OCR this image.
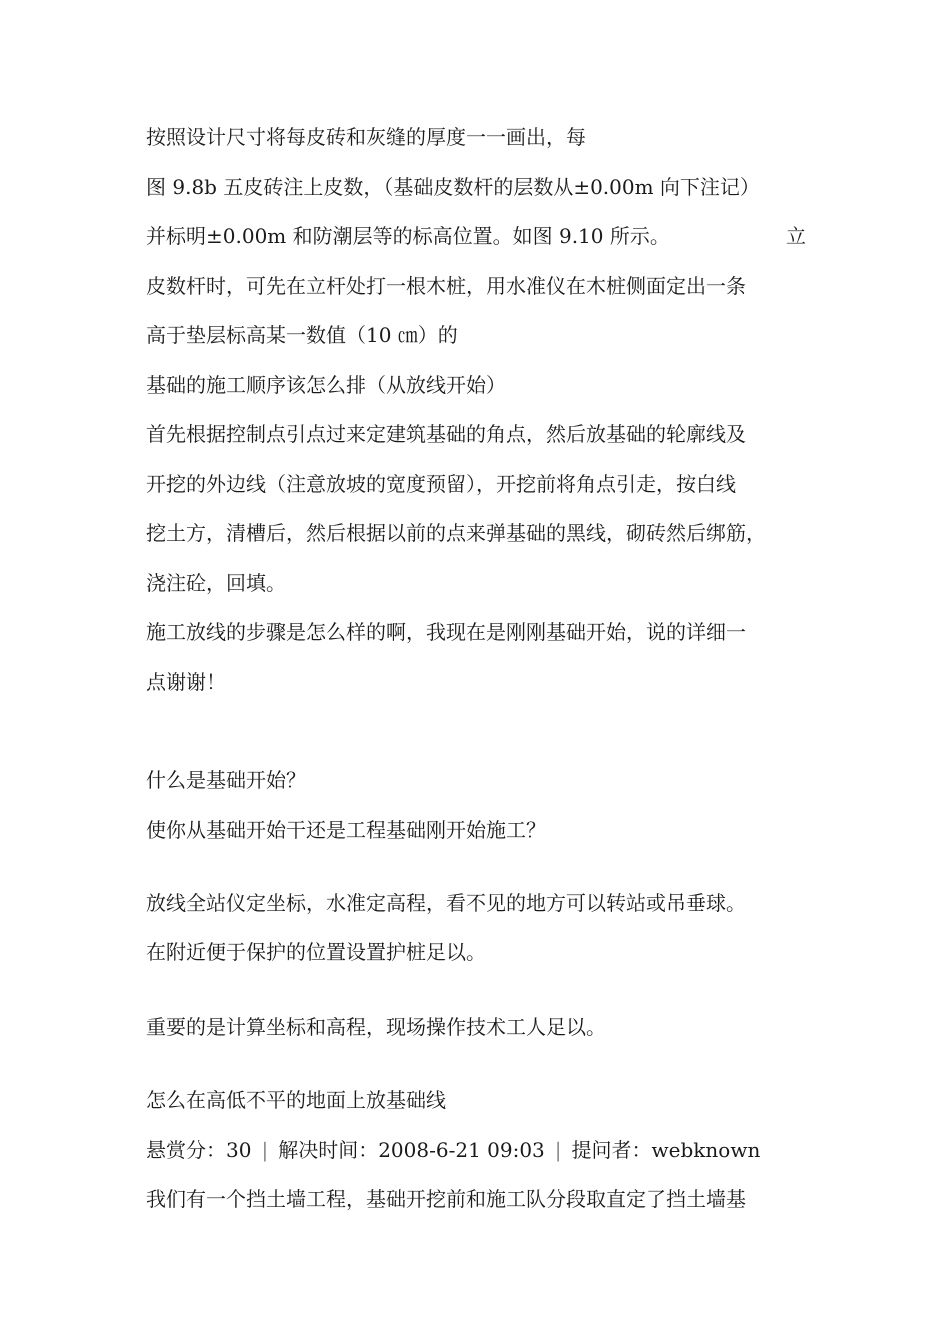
按照设计尺寸将每皮砖和灰缝的厚度一一画出，每

图 9.8b 五皮砖注上皮数，（基础皮数杆的层数从±0.00m 向下注记）

并标明±0.00m 和防潮层等的标高位置。如图 9.10 所示。	立

皮数杆时，可先在立杆处打一根木桩，用水准仪在木桩侧面定出一条

高于垫层标高某一数值（10 ㎝）的

基础的施工顺序该怎么排（从放线开始）

首先根据控制点引点过来定建筑基础的角点，然后放基础的轮廓线及

开挖的外边线（注意放坡的宽度预留），开挖前将角点引走，按白线

挖土方，清槽后，然后根据以前的点来弹基础的黑线，砌砖然后绑筋，

浇注砼，回填。

施工放线的步骤是怎么样的啊，我现在是刚刚基础开始，说的详细一

点谢谢！

什么是基础开始？

使你从基础开始干还是工程基础刚开始施工？

放线全站仪定坐标，水准定高程，看不见的地方可以转站或吊垂球。

在附近便于保护的位置设置护桩足以。

重要的是计算坐标和高程，现场操作技术工人足以。

怎么在高低不平的地面上放基础线

悬赏分：30 | 解决时间：2008-6-21 09:03 | 提问者：webknown

我们有一个挡土墙工程，基础开挖前和施工队分段取直定了挡土墙基
